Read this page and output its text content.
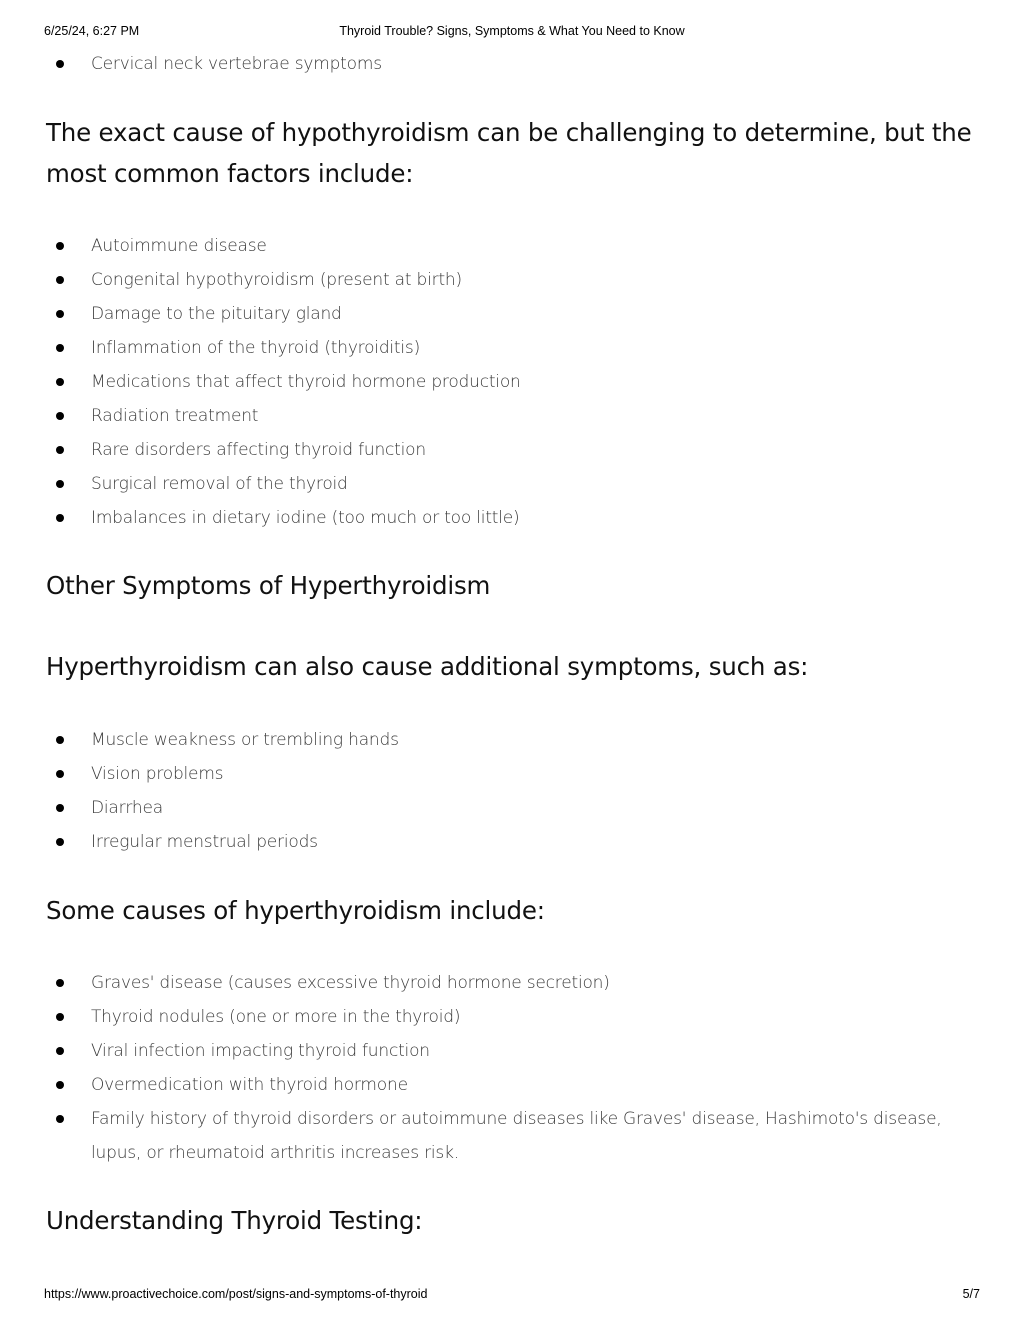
6/25/24, 6:27 PM	Thyroid Trouble? Signs, Symptoms & What You Need to Know
Cervical neck vertebrae symptoms
The exact cause of hypothyroidism can be challenging to determine, but the most common factors include:
Autoimmune disease
Congenital hypothyroidism (present at birth)
Damage to the pituitary gland
Inflammation of the thyroid (thyroiditis)
Medications that affect thyroid hormone production
Radiation treatment
Rare disorders affecting thyroid function
Surgical removal of the thyroid
Imbalances in dietary iodine (too much or too little)
Other Symptoms of Hyperthyroidism
Hyperthyroidism can also cause additional symptoms, such as:
Muscle weakness or trembling hands
Vision problems
Diarrhea
Irregular menstrual periods
Some causes of hyperthyroidism include:
Graves' disease (causes excessive thyroid hormone secretion)
Thyroid nodules (one or more in the thyroid)
Viral infection impacting thyroid function
Overmedication with thyroid hormone
Family history of thyroid disorders or autoimmune diseases like Graves' disease, Hashimoto's disease, lupus, or rheumatoid arthritis increases risk.
Understanding Thyroid Testing:
https://www.proactivechoice.com/post/signs-and-symptoms-of-thyroid	5/7
